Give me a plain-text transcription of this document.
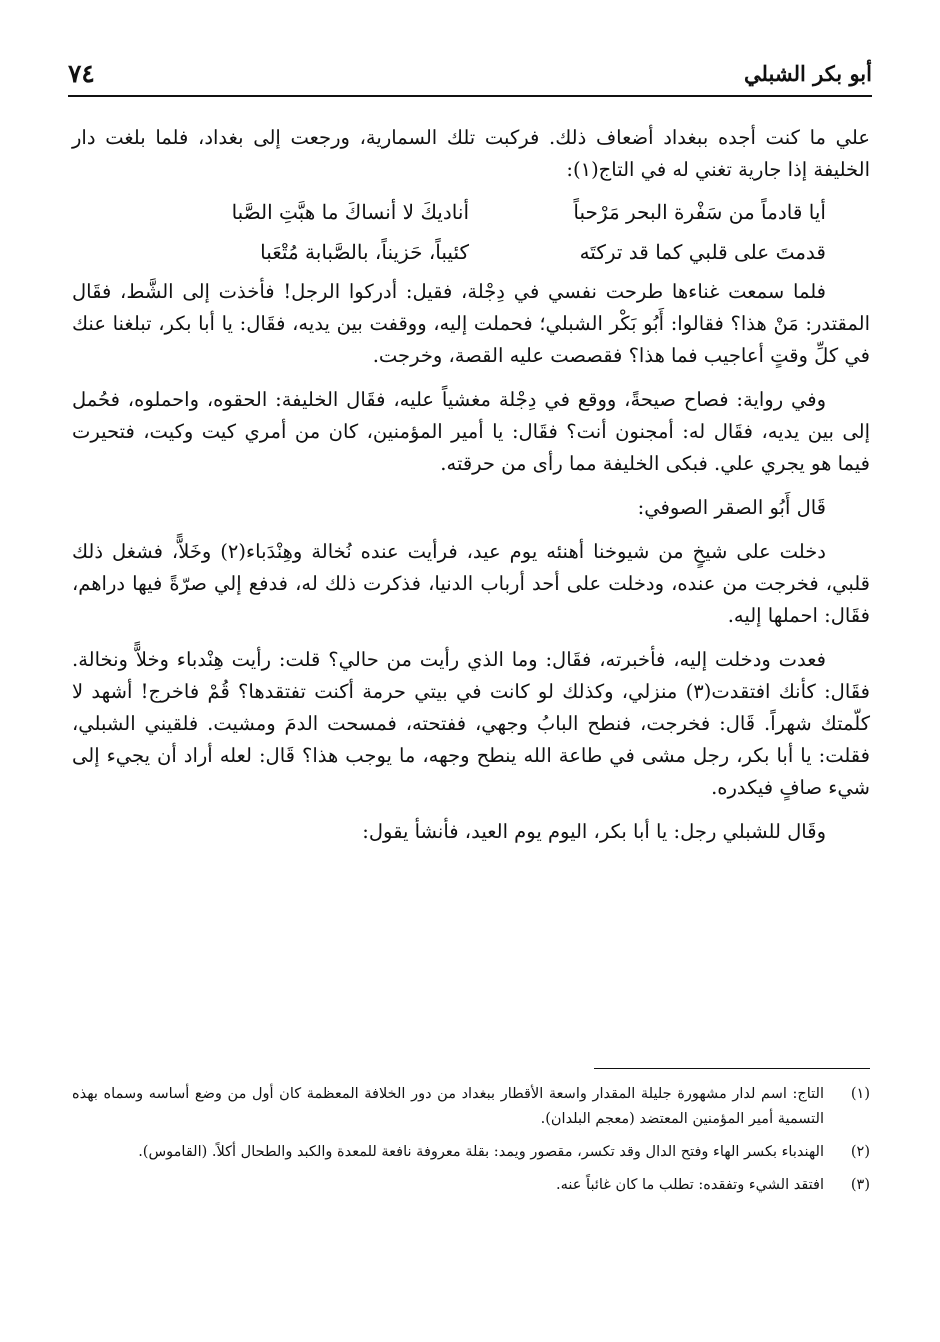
أبو بكر الشبلي
٧٤

علي ما كنت أجده ببغداد أضعاف ذلك. فركبت تلك السمارية، ورجعت إلى بغداد، فلما بلغت دار الخليفة إذا جارية تغني له في التاج(١):

أيا قادماً من سَفْرة البحر مَرْحباً
أناديكَ لا أنساكَ ما هبَّتِ الصَّبا
قدمتَ على قلبي كما قد تركتَه
كئيباً، حَزيناً، بالصَّبابة مُتْعَبا

فلما سمعت غناءها طرحت نفسي في دِجْلة، فقيل: أدركوا الرجل! فأخذت إلى الشَّط، فقَال المقتدر: مَنْ هذا؟ فقالوا: أَبُو بَكْر الشبلي؛ فحملت إليه، ووقفت بين يديه، فقَال: يا أبا بكر، تبلغنا عنك في كلِّ وقتٍ أعاجيب فما هذا؟ فقصصت عليه القصة، وخرجت.

وفي رواية: فصاح صيحةً، ووقع في دِجْلة مغشياً عليه، فقَال الخليفة: الحقوه، واحملوه، فحُمل إلى بين يديه، فقَال له: أمجنون أنت؟ فقَال: يا أمير المؤمنين، كان من أمري كيت وكيت، فتحيرت فيما هو يجري علي. فبكى الخليفة مما رأى من حرقته.

قَال أَبُو الصقر الصوفي:

دخلت على شيخٍ من شيوخنا أهنئه يوم عيد، فرأيت عنده نُخالة وهِنْدَباء(٢) وخَلاًّ، فشغل ذلك قلبي، فخرجت من عنده، ودخلت على أحد أرباب الدنيا، فذكرت ذلك له، فدفع إلي صرّةً فيها دراهم، فقَال: احملها إليه.

فعدت ودخلت إليه، فأخبرته، فقَال: وما الذي رأيت من حالي؟ قلت: رأيت هِنْدباء وخلاًّ ونخالة. فقَال: كأنك افتقدت(٣) منزلي، وكذلك لو كانت في بيتي حرمة أكنت تفتقدها؟ قُمْ فاخرج! أشهد لا كلّمتك شهراً. قَال: فخرجت، فنطح البابُ وجهي، ففتحته، فمسحت الدمَ ومشيت. فلقيني الشبلي، فقلت: يا أبا بكر، رجل مشى في طاعة الله ينطح وجهه، ما يوجب هذا؟ قَال: لعله أراد أن يجيء إلى شيء صافٍ فيكدره.

وقَال للشبلي رجل: يا أبا بكر، اليوم يوم العيد، فأنشأ يقول:

(١)
التاج: اسم لدار مشهورة جليلة المقدار واسعة الأقطار ببغداد من دور الخلافة المعظمة كان أول من وضع أساسه وسماه بهذه التسمية أمير المؤمنين المعتضد (معجم البلدان).
(٢)
الهندباء بكسر الهاء وفتح الدال وقد تكسر، مقصور ويمد: بقلة معروفة نافعة للمعدة والكبد والطحال أكلاً. (القاموس).
(٣)
افتقد الشيء وتفقده: تطلب ما كان غائباً عنه.
